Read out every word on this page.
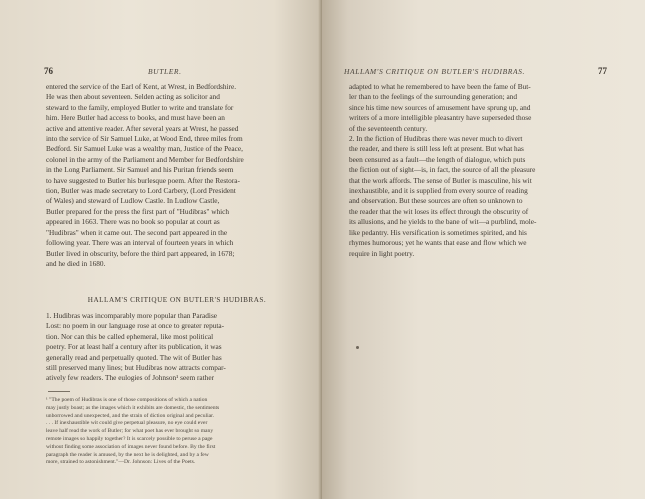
76	BUTLER.
entered the service of the Earl of Kent, at Wrest, in Bedfordshire.
He was then about seventeen. Selden acting as solicitor and
steward to the family, employed Butler to write and translate for
him. Here Butler had access to books, and must have been an
active and attentive reader. After several years at Wrest, he passed
into the service of Sir Samuel Luke, at Wood End, three miles from
Bedford. Sir Samuel Luke was a wealthy man, Justice of the Peace,
colonel in the army of the Parliament and Member for Bedfordshire
in the Long Parliament. Sir Samuel and his Puritan friends seem
to have suggested to Butler his burlesque poem. After the Restora-
tion, Butler was made secretary to Lord Carbery, (Lord President
of Wales) and steward of Ludlow Castle. In Ludlow Castle,
Butler prepared for the press the first part of "Hudibras" which
appeared in 1663. There was no book so popular at court as
"Hudibras" when it came out. The second part appeared in the
following year. There was an interval of fourteen years in which
Butler lived in obscurity, before the third part appeared, in 1678;
and he died in 1680.
HALLAM'S CRITIQUE ON BUTLER'S HUDIBRAS.
1. Hudibras was incomparably more popular than Paradise
Lost: no poem in our language rose at once to greater reputa-
tion. Nor can this be called ephemeral, like most political
poetry. For at least half a century after its publication, it was
generally read and perpetually quoted. The wit of Butler has
still preserved many lines; but Hudibras now attracts compar-
atively few readers. The eulogies of Johnson¹ seem rather
¹ "The poem of Hudibras is one of those compositions of which a nation
may justly boast; as the images which it exhibits are domestic, the sentiments
unborrowed and unexpected, and the strain of diction original and peculiar.
. . . If inexhaustible wit could give perpetual pleasure, no eye could ever
leave half read the work of Butler; for what poet has ever brought so many
remote images so happily together? It is scarcely possible to peruse a page
without finding some association of images never found before. By the first
paragraph the reader is amused, by the next he is delighted, and by a few
more, strained to astonishment."—Dr. Johnson: Lives of the Poets.
HALLAM'S CRITIQUE ON BUTLER'S HUDIBRAS.	77
adapted to what he remembered to have been the fame of But-
ler than to the feelings of the surrounding generation; and
since his time new sources of amusement have sprung up, and
writers of a more intelligible pleasantry have superseded those
of the seventeenth century.
2. In the fiction of Hudibras there was never much to divert
the reader, and there is still less left at present. But what has
been censured as a fault—the length of dialogue, which puts
the fiction out of sight—is, in fact, the source of all the pleasure
that the work affords. The sense of Butler is masculine, his wit
inexhaustible, and it is supplied from every source of reading
and observation. But these sources are often so unknown to
the reader that the wit loses its effect through the obscurity of
its allusions, and he yields to the bane of wit—a purblind, mole-
like pedantry. His versification is sometimes spirited, and his
rhymes humorous; yet he wants that ease and flow which we
require in light poetry.
